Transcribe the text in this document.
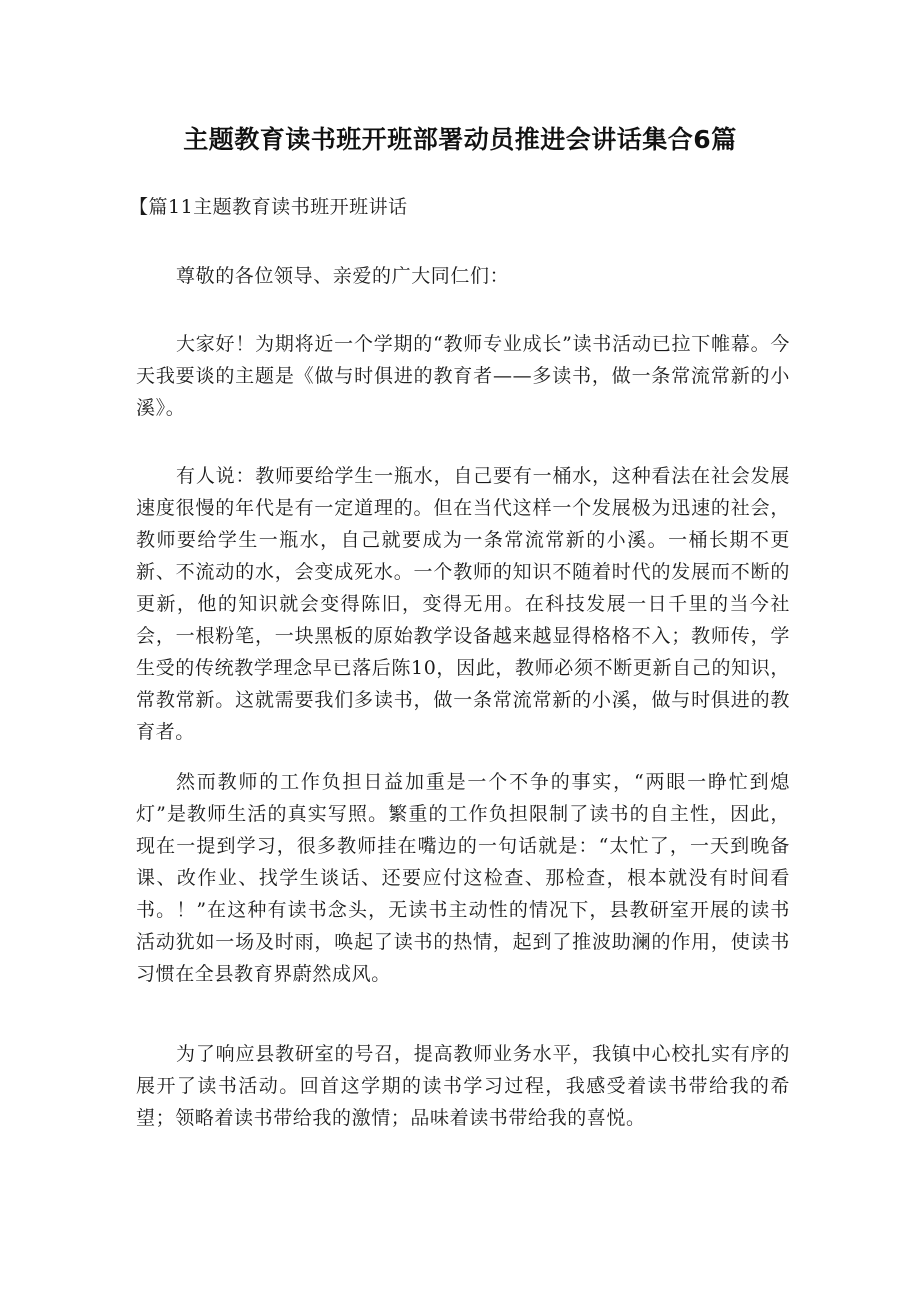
主题教育读书班开班部署动员推进会讲话集合6篇

【篇11主题教育读书班开班讲话

尊敬的各位领导、亲爱的广大同仁们：

大家好！为期将近一个学期的“教师专业成长”读书活动已拉下帷幕。今天我要谈的主题是《做与时俱进的教育者——多读书，做一条常流常新的小溪》。

有人说：教师要给学生一瓶水，自己要有一桶水，这种看法在社会发展速度很慢的年代是有一定道理的。但在当代这样一个发展极为迅速的社会，教师要给学生一瓶水，自己就要成为一条常流常新的小溪。一桶长期不更新、不流动的水，会变成死水。一个教师的知识不随着时代的发展而不断的更新，他的知识就会变得陈旧，变得无用。在科技发展一日千里的当今社会，一根粉笔，一块黑板的原始教学设备越来越显得格格不入；教师传，学生受的传统教学理念早已落后陈10，因此，教师必须不断更新自己的知识，常教常新。这就需要我们多读书，做一条常流常新的小溪，做与时俱进的教育者。

然而教师的工作负担日益加重是一个不争的事实，“两眼一睁忙到熄灯”是教师生活的真实写照。繁重的工作负担限制了读书的自主性，因此，现在一提到学习，很多教师挂在嘴边的一句话就是：“太忙了，一天到晚备课、改作业、找学生谈话、还要应付这检查、那检查，根本就没有时间看书。！”在这种有读书念头，无读书主动性的情况下，县教研室开展的读书活动犹如一场及时雨，唤起了读书的热情，起到了推波助澜的作用，使读书习惯在全县教育界蔚然成风。

为了响应县教研室的号召，提高教师业务水平，我镇中心校扎实有序的展开了读书活动。回首这学期的读书学习过程，我感受着读书带给我的希望；领略着读书带给我的激情；品味着读书带给我的喜悦。
